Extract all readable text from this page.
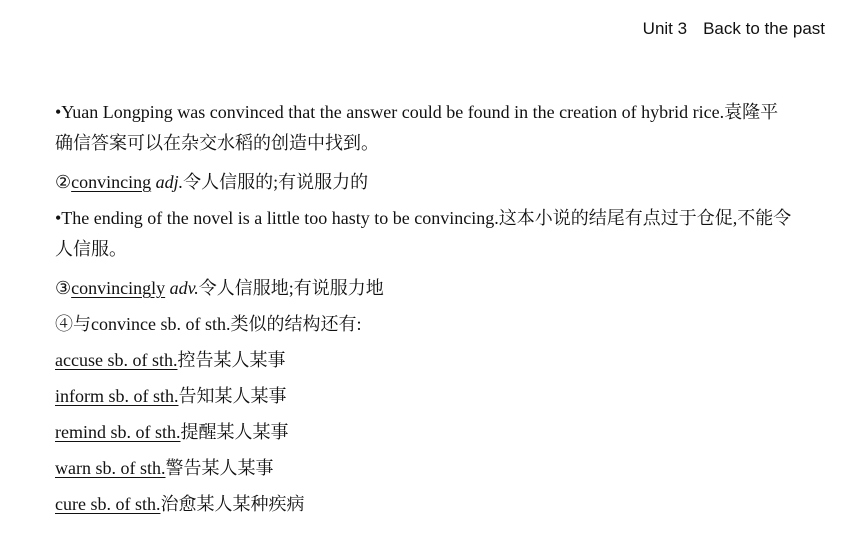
Unit 3 Back to the past
•Yuan Longping was convinced that the answer could be found in the creation of hybrid rice.袁隆平确信答案可以在杂交水稻的创造中找到。
②convincing adj.令人信服的;有说服力的
•The ending of the novel is a little too hasty to be convincing.这本小说的结尾有点过于仓促,不能令人信服。
③convincingly adv.令人信服地;有说服力地
④与convince sb. of sth.类似的结构还有:
accuse sb. of sth.控告某人某事
inform sb. of sth.告知某人某事
remind sb. of sth.提醒某人某事
warn sb. of sth.警告某人某事
cure sb. of sth.治愈某人某种疾病
